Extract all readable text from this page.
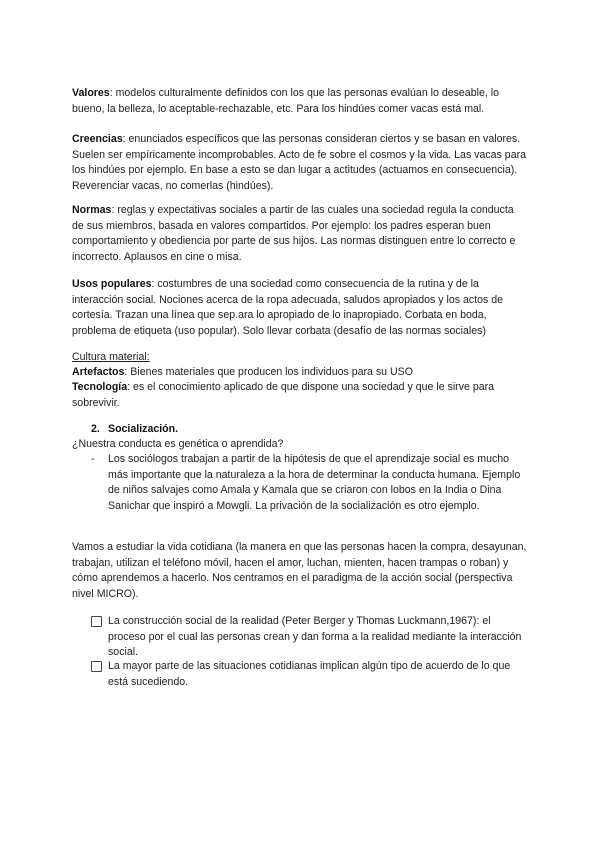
Valores: modelos culturalmente definidos con los que las personas evalúan lo deseable, lo bueno, la belleza, lo aceptable-rechazable, etc. Para los hindúes comer vacas está mal.

Creencias: enunciados específicos que las personas consideran ciertos y se basan en valores. Suelen ser empíricamente incomprobables. Acto de fe sobre el cosmos y la vida. Las vacas para los hindúes por ejemplo. En base a esto se dan lugar a actitudes (actuamos en consecuencia). Reverenciar vacas, no comerlas (hindúes).

Normas: reglas y expectativas sociales a partir de las cuales una sociedad regula la conducta de sus miembros, basada en valores compartidos. Por ejemplo: los padres esperan buen comportamiento y obediencia por parte de sus hijos. Las normas distinguen entre lo correcto e incorrecto. Aplausos en cine o misa.

Usos populares: costumbres de una sociedad como consecuencia de la rutina y de la interacción social. Nociones acerca de la ropa adecuada, saludos apropiados y los actos de cortesía. Trazan una línea que sep.ara lo apropiado de lo inapropiado. Corbata en boda, problema de etiqueta (uso popular). Solo llevar corbata (desafío de las normas sociales)

Cultura material:

Artefactos: Bienes materiales que producen los individuos para su USO

Tecnología: es el conocimiento aplicado de que dispone una sociedad y que le sirve para sobrevivir.

2. Socialización.

¿Nuestra conducta es genética o aprendida?

-	Los sociólogos trabajan a partir de la hipótesis de que el aprendizaje social es mucho más importante que la naturaleza a la hora de determinar la conducta humana. Ejemplo de niños salvajes como Amala y Kamala que se criaron con lobos en la India o Dina Sanichar que inspiró a Mowgli. La privación de la socialización es otro ejemplo.

Vamos a estudiar la vida cotidiana (la manera en que las personas hacen la compra, desayunan, trabajan, utilizan el teléfono móvil, hacen el amor, luchan, mienten, hacen trampas o roban) y cómo aprendemos a hacerlo. Nos centramos en el paradigma de la acción social (perspectiva nivel MICRO).

La construcción social de la realidad (Peter Berger y Thomas Luckmann,1967): el proceso por el cual las personas crean y dan forma a la realidad mediante la interacción social.

La mayor parte de las situaciones cotidianas implican algún tipo de acuerdo de lo que está sucediendo.
